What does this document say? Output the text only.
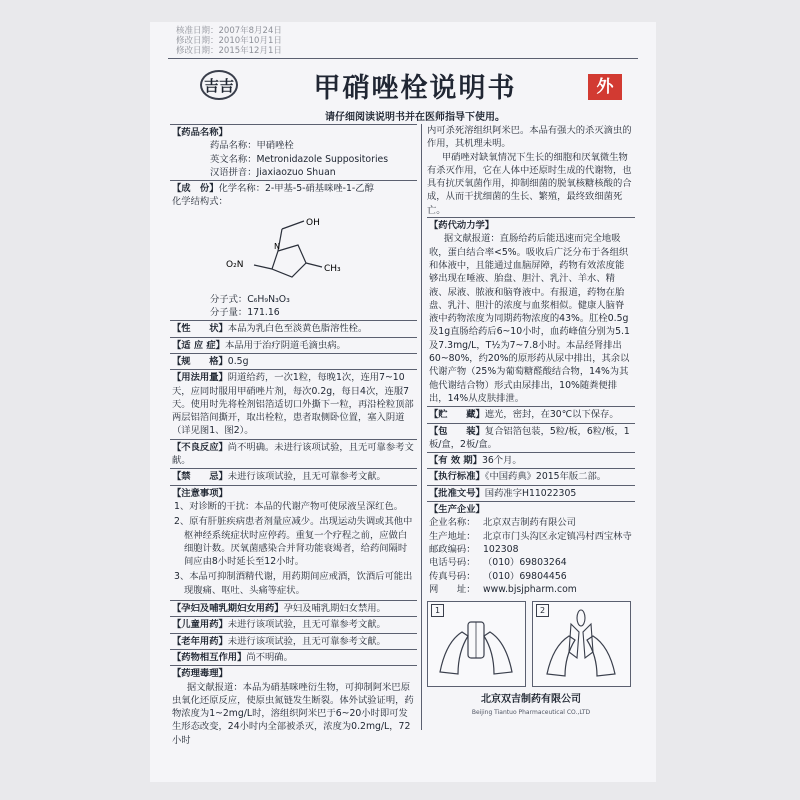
核准日期：2007年8月24日
修改日期：2010年10月1日
修改日期：2015年12月1日
吉吉	甲硝唑栓说明书	外
请仔细阅读说明书并在医师指导下使用。
【药品名称】
药品名称：甲硝唑栓
英文名称：Metronidazole Suppositories
汉语拼音：Jiaxiaozuo Shuan
【成　份】化学名称：2-甲基-5-硝基咪唑-1-乙醇
化学结构式：
OH
O₂N	CH₃
N
分子式：C₆H₉N₃O₃
分子量：171.16
【性　　状】本品为乳白色至淡黄色脂溶性栓。
【适 应 症】本品用于治疗阴道毛滴虫病。
【规　　格】0.5g
【用法用量】阴道给药，一次1粒，每晚1次，连用7~10天，应同时服用甲硝唑片剂，每次0.2g，每日4次，连服7天。使用时先将栓剂铝箔适切口外撕下一粒，再沿栓粒顶部两层铝箔间撕开，取出栓粒，患者取侧卧位置，塞入阴道（详见图1、图2）。
【不良反应】尚不明确。未进行该项试验，且无可靠参考文献。
【禁　　忌】未进行该项试验，且无可靠参考文献。
【注意事项】
1、对诊断的干扰：本品的代谢产物可使尿液呈深红色。
2、原有肝脏疾病患者剂量应减少。出现运动失调或其他中枢神经系统症状时应停药。重复一个疗程之前，应做白细胞计数。厌氧菌感染合并肾功能衰竭者，给药间隔时间应由8小时延长至12小时。
3、本品可抑制酒精代谢，用药期间应戒酒，饮酒后可能出现腹痛、呕吐、头痛等症状。
【孕妇及哺乳期妇女用药】孕妇及哺乳期妇女禁用。
【儿童用药】未进行该项试验，且无可靠参考文献。
【老年用药】未进行该项试验，且无可靠参考文献。
【药物相互作用】尚不明确。
【药理毒理】
据文献报道：本品为硝基咪唑衍生物，可抑制阿米巴原虫氧化还原反应，使原虫氮链发生断裂。体外试验证明，药物浓度为1~2mg/L时，溶组织阿米巴于6~20小时即可发生形态改变，24小时内全部被杀灭，浓度为0.2mg/L，72小时
内可杀死溶组织阿米巴。本品有强大的杀灭滴虫的作用，其机理未明。
甲硝唑对缺氧情况下生长的细胞和厌氧微生物有杀灭作用，它在人体中还原时生成的代谢物，也具有抗厌氧菌作用，抑制细菌的脱氧核糖核酸的合成，从而干扰细菌的生长、繁殖，最终致细菌死亡。
【药代动力学】
据文献报道：直肠给药后能迅速而完全地吸收，蛋白结合率<5%。吸收后广泛分布于各组织和体液中，且能通过血脑屏障，药物有效浓度能够出现在唾液、胎盘、胆汁、乳汁、羊水、精液、尿液、脓液和脑脊液中。有报道，药物在胎盘、乳汁、胆汁的浓度与血浆相似。健康人脑脊液中药物浓度为同期药物浓度的43%。肛栓0.5g及1g直肠给药后6~10小时，血药峰值分别为5.1及7.3mg/L，T½为7~7.8小时。本品经肾排出60~80%，约20%的原形药从尿中排出，其余以代谢产物（25%为葡萄糖醛酸结合物，14%为其他代谢结合物）形式由尿排出，10%随粪便排出，14%从皮肤排泄。
【贮　　藏】遮光，密封，在30℃以下保存。
【包　　装】复合铝箔包装，5粒/板，6粒/板，1板/盒，2板/盒。
【有 效 期】36个月。
【执行标准】《中国药典》2015年版二部。
【批准文号】国药准字H11022305
【生产企业】
企业名称： 北京双吉制药有限公司
生产地址： 北京市门头沟区永定镇冯村西宝林寺
邮政编码： 102308
电话号码： （010）69803264
传真号码： （010）69804456
网　　址： www.bjsjpharm.com
1	2
北京双吉制药有限公司
Beijing Tiantuo Pharmaceutical CO.,LTD
